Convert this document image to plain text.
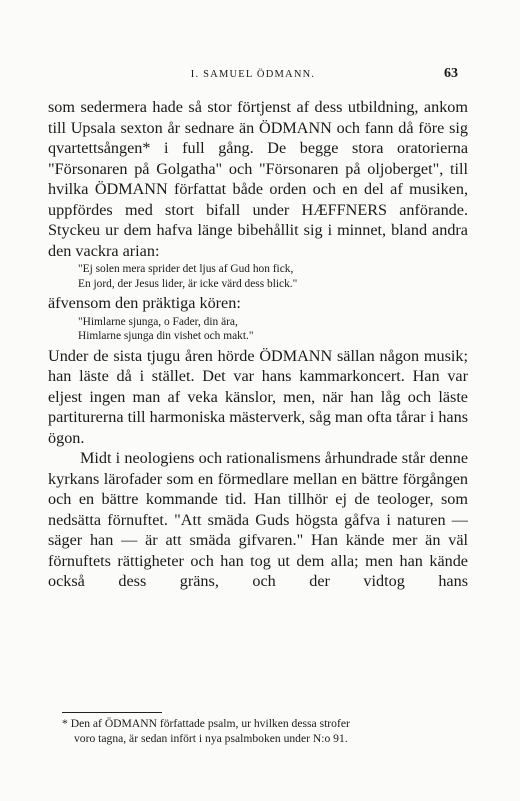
I. SAMUEL ÖDMANN.	63

som sedermera hade så stor förtjenst af dess utbildning, ankom till Upsala sexton år sednare än ÖDMANN och fann då före sig qvartettsången* i full gång. De begge stora oratorierna "Försonaren på Golgatha" och "Försonaren på oljoberget", till hvilka ÖDMANN författat både orden och en del af musiken, uppfördes med stort bifall under HÆFFNERS anförande. Styckeu ur dem hafva länge bibehållit sig i minnet, bland andra den vackra arian:

"Ej solen mera sprider det ljus af Gud hon fick,
En jord, der Jesus lider, är icke värd dess blick."

äfvensom den präktiga kören:

"Himlarne sjunga, o Fader, din ära,
Himlarne sjunga din vishet och makt."

Under de sista tjugu åren hörde ÖDMANN sällan någon musik; han läste då i stället. Det var hans kammarkoncert. Han var eljest ingen man af veka känslor, men, när han låg och läste partiturerna till harmoniska mästerverk, såg man ofta tårar i hans ögon.

Midt i neologiens och rationalismens århundrade står denne kyrkans lärofader som en förmedlare mellan en bättre förgången och en bättre kommande tid. Han tillhör ej de teologer, som nedsätta förnuftet. "Att smäda Guds högsta gåfva i naturen — säger han — är att smäda gifvaren." Han kände mer än väl förnuftets rättigheter och han tog ut dem alla; men han kände också dess gräns, och der vidtog hans

* Den af ÖDMANN författade psalm, ur hvilken dessa strofer
voro tagna, är sedan infört i nya psalmboken under N:o 91.
